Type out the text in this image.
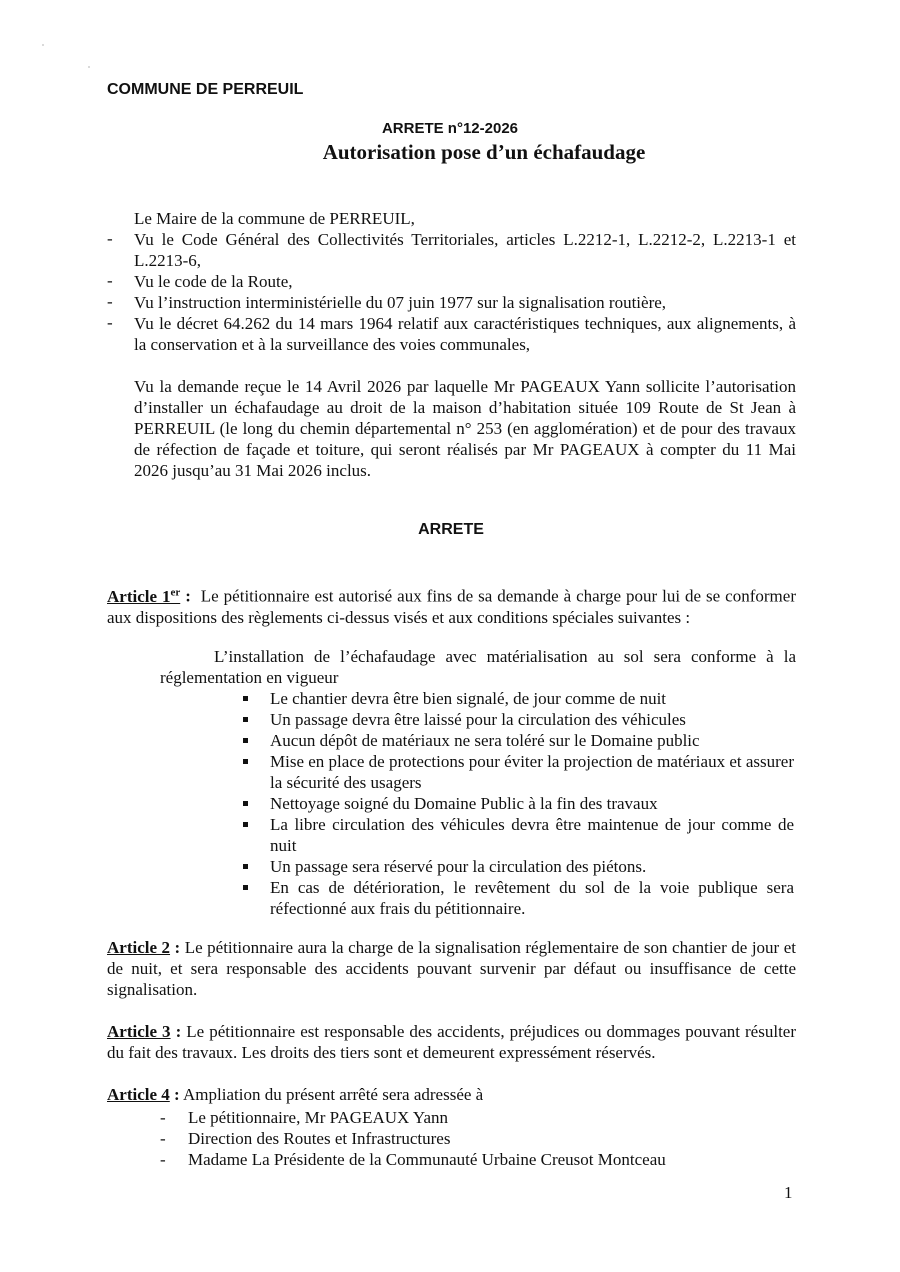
COMMUNE DE PERREUIL

ARRETE n°12-2026

Autorisation pose d’un échafaudage

Le Maire de la commune de PERREUIL,

- Vu le Code Général des Collectivités Territoriales, articles L.2212-1, L.2212-2, L.2213-1 et L.2213-6,

- Vu le code de la Route,

- Vu l’instruction interministérielle du 07 juin 1977 sur la signalisation routière,

- Vu le décret 64.262 du 14 mars 1964 relatif aux caractéristiques techniques, aux alignements, à la conservation et à la surveillance des voies communales,

Vu la demande reçue le 14 Avril 2026 par laquelle Mr PAGEAUX Yann sollicite l’autorisation d’installer un échafaudage au droit de la maison d’habitation située 109 Route de St Jean à PERREUIL (le long du chemin départemental n° 253 (en agglomération) et de pour des travaux de réfection de façade et toiture, qui seront réalisés par Mr PAGEAUX à compter du 11 Mai 2026 jusqu’au 31 Mai 2026 inclus.

ARRETE

Article 1er : Le pétitionnaire est autorisé aux fins de sa demande à charge pour lui de se conformer aux dispositions des règlements ci-dessus visés et aux conditions spéciales suivantes :

L’installation de l’échafaudage avec matérialisation au sol sera conforme à la réglementation en vigueur

Le chantier devra être bien signalé, de jour comme de nuit
Un passage devra être laissé pour la circulation des véhicules
Aucun dépôt de matériaux ne sera toléré sur le Domaine public
Mise en place de protections pour éviter la projection de matériaux et assurer la sécurité des usagers
Nettoyage soigné du Domaine Public à la fin des travaux
La libre circulation des véhicules devra être maintenue de jour comme de nuit
Un passage sera réservé pour la circulation des piétons.
En cas de détérioration, le revêtement du sol de la voie publique sera réfectionné aux frais du pétitionnaire.

Article 2 : Le pétitionnaire aura la charge de la signalisation réglementaire de son chantier de jour et de nuit, et sera responsable des accidents pouvant survenir par défaut ou insuffisance de cette signalisation.

Article 3 : Le pétitionnaire est responsable des accidents, préjudices ou dommages pouvant résulter du fait des travaux. Les droits des tiers sont et demeurent expressément réservés.

Article 4 : Ampliation du présent arrêté sera adressée à

- Le pétitionnaire, Mr PAGEAUX Yann
- Direction des Routes et Infrastructures
- Madame La Présidente de la Communauté Urbaine Creusot Montceau

1
